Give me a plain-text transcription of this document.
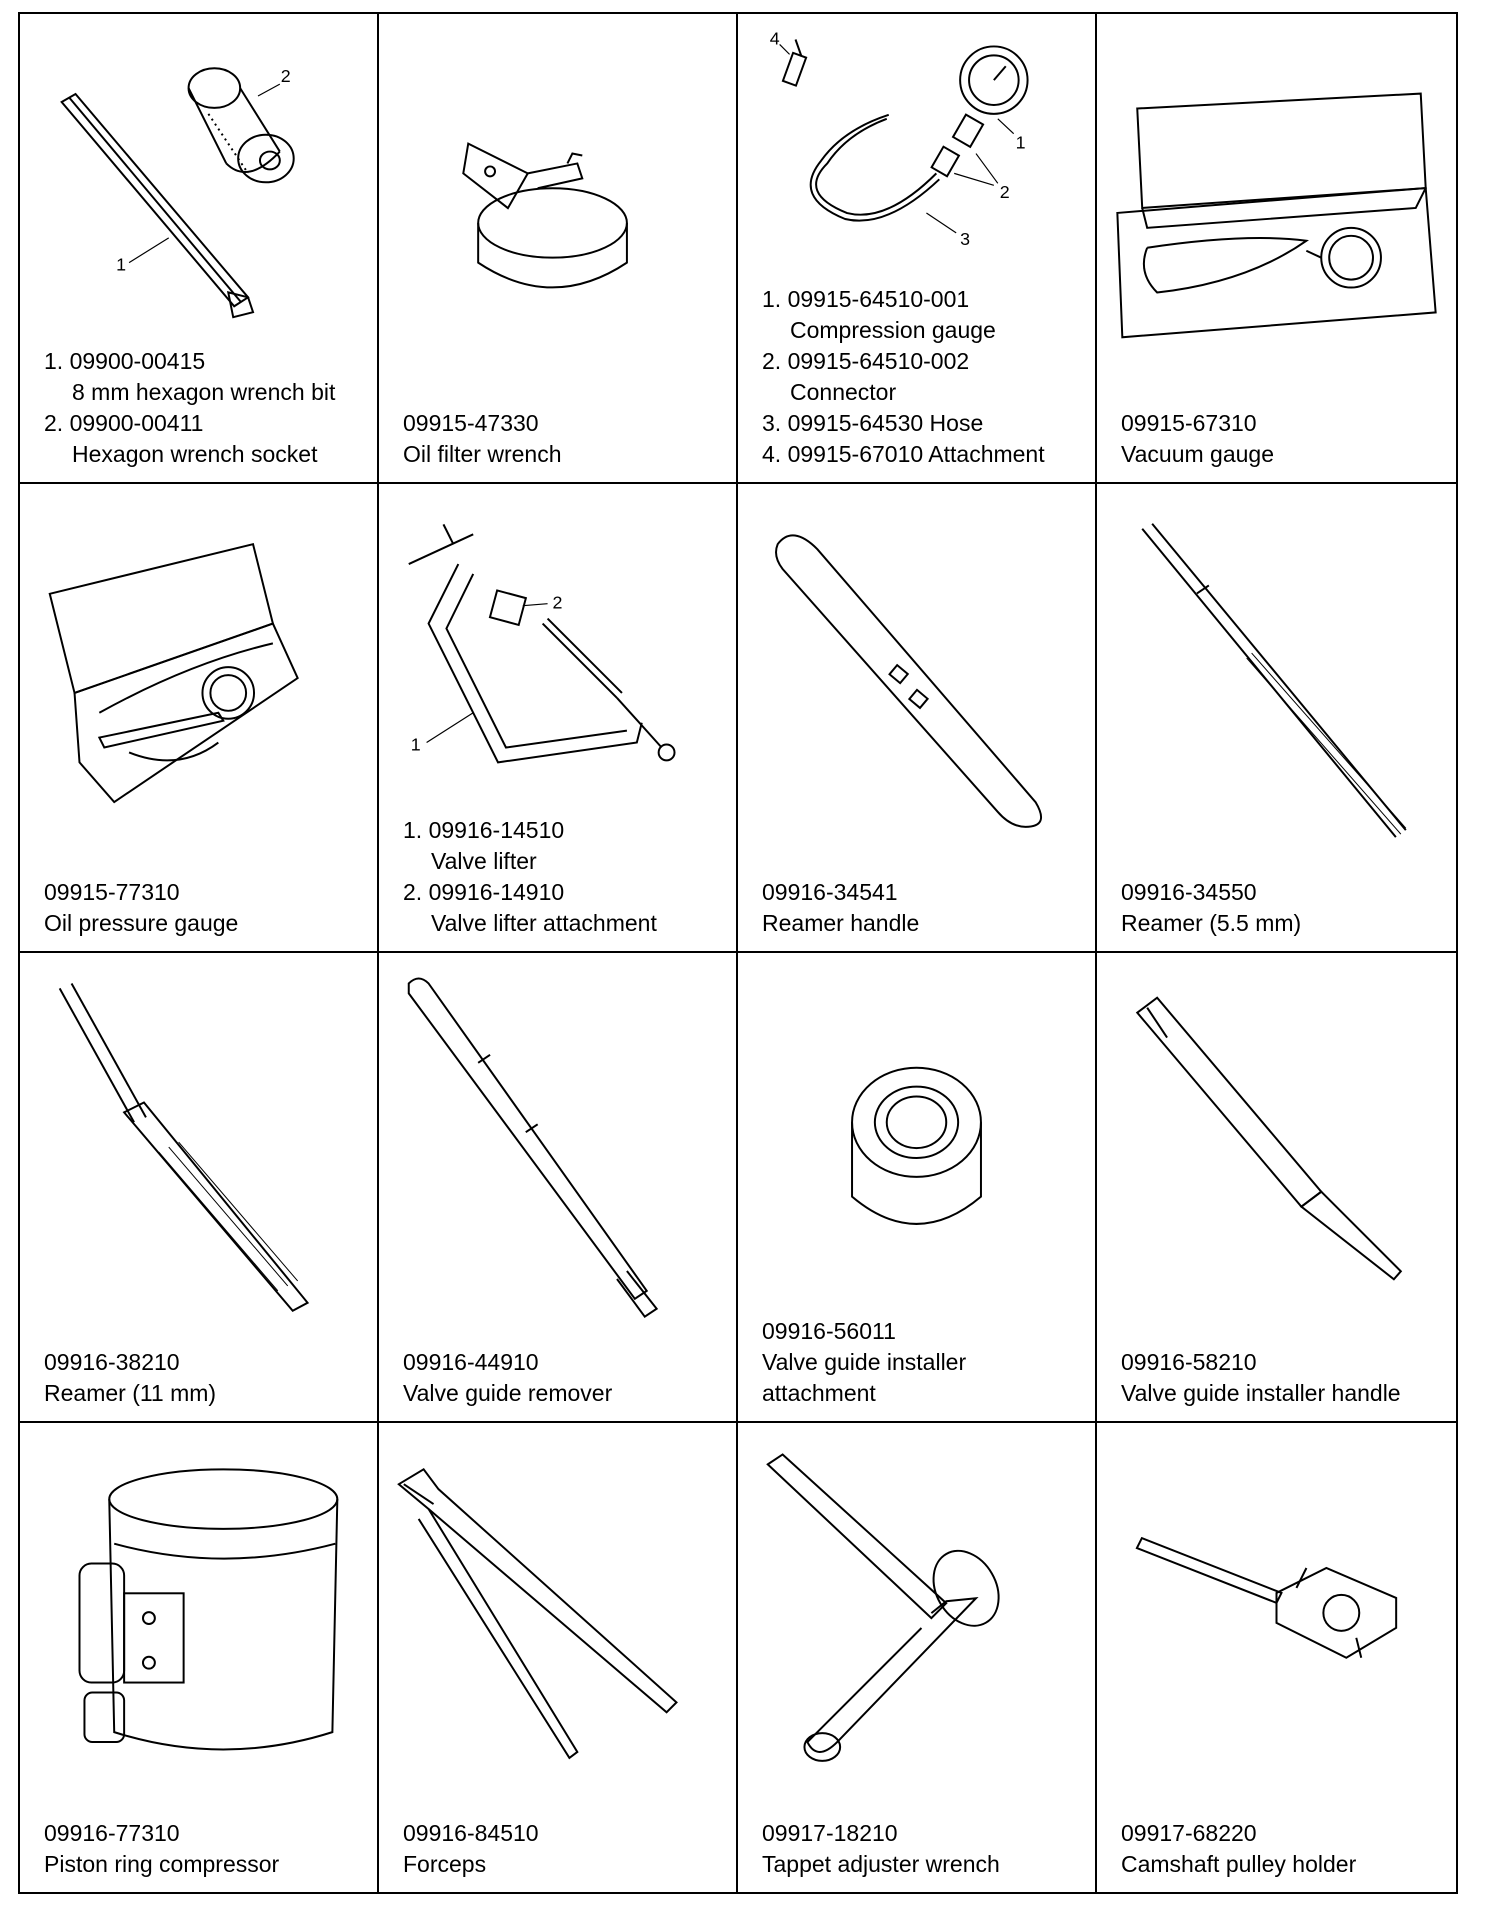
1
2
1. 09900-00415
8 mm hexagon wrench bit
2. 09900-00411
Hexagon wrench socket
09915-47330
Oil filter wrench
4
1
2
3
1. 09915-64510-001
Compression gauge
2. 09915-64510-002
Connector
3. 09915-64530 Hose
4. 09915-67010 Attachment
09915-67310
Vacuum gauge
09915-77310
Oil pressure gauge
2
1
1. 09916-14510
Valve lifter
2. 09916-14910
Valve lifter attachment
09916-34541
Reamer handle
09916-34550
Reamer (5.5 mm)
09916-38210
Reamer (11 mm)
09916-44910
Valve guide remover
09916-56011
Valve guide installer
attachment
09916-58210
Valve guide installer handle
09916-77310
Piston ring compressor
09916-84510
Forceps
09917-18210
Tappet adjuster wrench
09917-68220
Camshaft pulley holder
